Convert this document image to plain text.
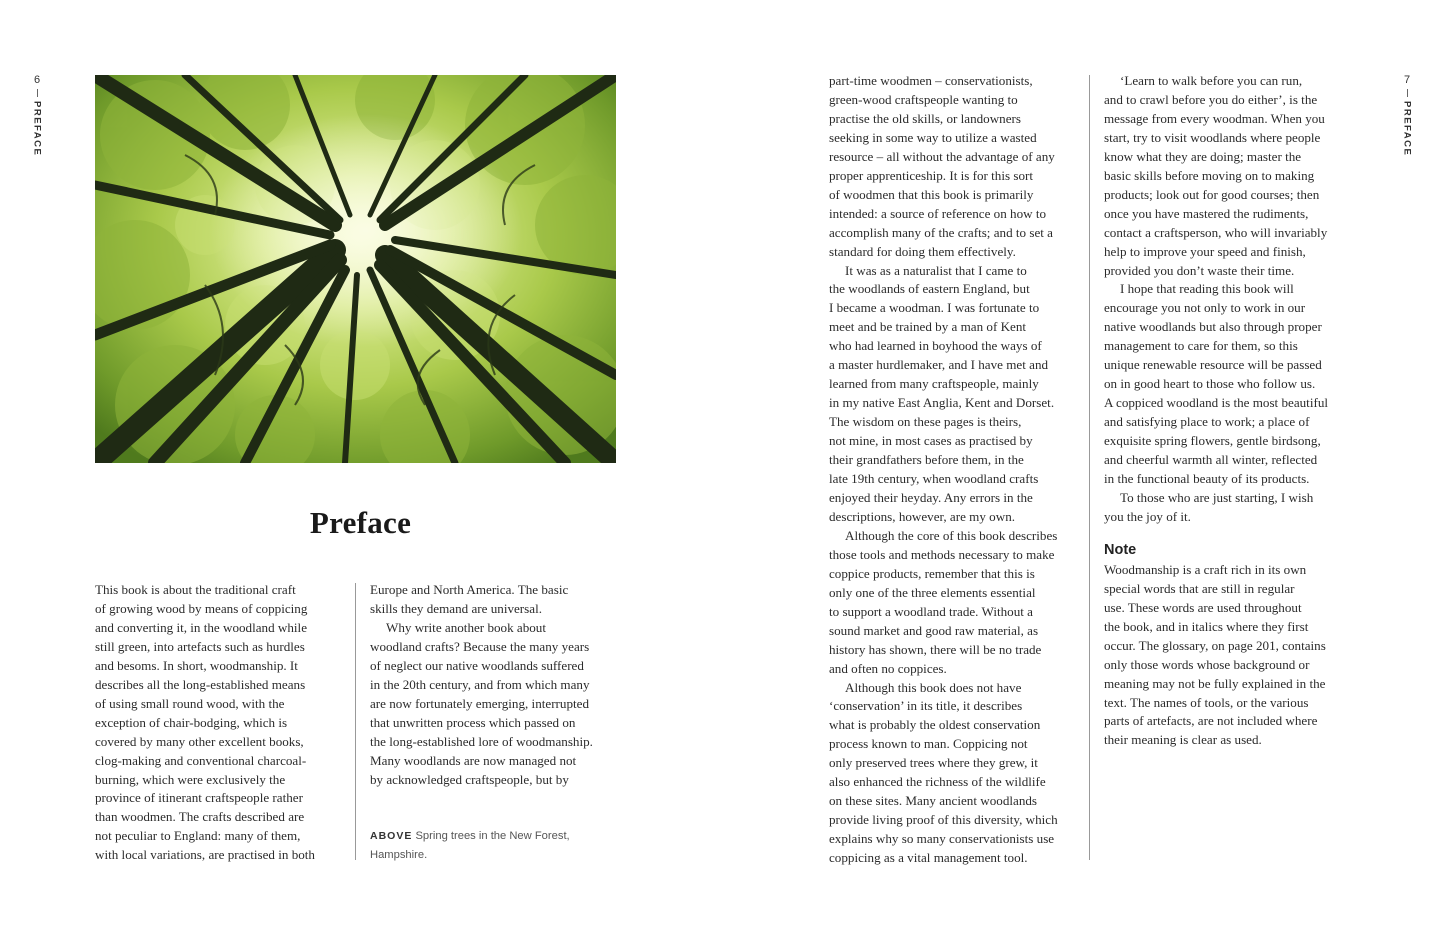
6
PREFACE
Preface
This book is about the traditional craft
of growing wood by means of coppicing
and converting it, in the woodland while
still green, into artefacts such as hurdles
and besoms. In short, woodmanship. It
describes all the long-established means
of using small round wood, with the
exception of chair-bodging, which is
covered by many other excellent books,
clog-making and conventional charcoal-
burning, which were exclusively the
province of itinerant craftspeople rather
than woodmen. The crafts described are
not peculiar to England: many of them,
with local variations, are practised in both

Europe and North America. The basic
skills they demand are universal.

Why write another book about
woodland crafts? Because the many years
of neglect our native woodlands suffered
in the 20th century, and from which many
are now fortunately emerging, interrupted
that unwritten process which passed on
the long-established lore of woodmanship.
Many woodlands are now managed not
by acknowledged craftspeople, but by

ABOVE Spring trees in the New Forest,
Hampshire.

part-time woodmen – conservationists,
green-wood craftspeople wanting to
practise the old skills, or landowners
seeking in some way to utilize a wasted
resource – all without the advantage of any
proper apprenticeship. It is for this sort
of woodmen that this book is primarily
intended: a source of reference on how to
accomplish many of the crafts; and to set a
standard for doing them effectively.

It was as a naturalist that I came to
the woodlands of eastern England, but
I became a woodman. I was fortunate to
meet and be trained by a man of Kent
who had learned in boyhood the ways of
a master hurdlemaker, and I have met and
learned from many craftspeople, mainly
in my native East Anglia, Kent and Dorset.
The wisdom on these pages is theirs,
not mine, in most cases as practised by
their grandfathers before them, in the
late 19th century, when woodland crafts
enjoyed their heyday. Any errors in the
descriptions, however, are my own.

Although the core of this book describes
those tools and methods necessary to make
coppice products, remember that this is
only one of the three elements essential
to support a woodland trade. Without a
sound market and good raw material, as
history has shown, there will be no trade
and often no coppices.

Although this book does not have
‘conservation’ in its title, it describes
what is probably the oldest conservation
process known to man. Coppicing not
only preserved trees where they grew, it
also enhanced the richness of the wildlife
on these sites. Many ancient woodlands
provide living proof of this diversity, which
explains why so many conservationists use
coppicing as a vital management tool.

‘Learn to walk before you can run,
and to crawl before you do either’, is the
message from every woodman. When you
start, try to visit woodlands where people
know what they are doing; master the
basic skills before moving on to making
products; look out for good courses; then
once you have mastered the rudiments,
contact a craftsperson, who will invariably
help to improve your speed and finish,
provided you don’t waste their time.

I hope that reading this book will
encourage you not only to work in our
native woodlands but also through proper
management to care for them, so this
unique renewable resource will be passed
on in good heart to those who follow us.
A coppiced woodland is the most beautiful
and satisfying place to work; a place of
exquisite spring flowers, gentle birdsong,
and cheerful warmth all winter, reflected
in the functional beauty of its products.

To those who are just starting, I wish
you the joy of it.

Note

Woodmanship is a craft rich in its own
special words that are still in regular
use. These words are used throughout
the book, and in italics where they first
occur. The glossary, on page 201, contains
only those words whose background or
meaning may not be fully explained in the
text. The names of tools, or the various
parts of artefacts, are not included where
their meaning is clear as used.

7
PREFACE
